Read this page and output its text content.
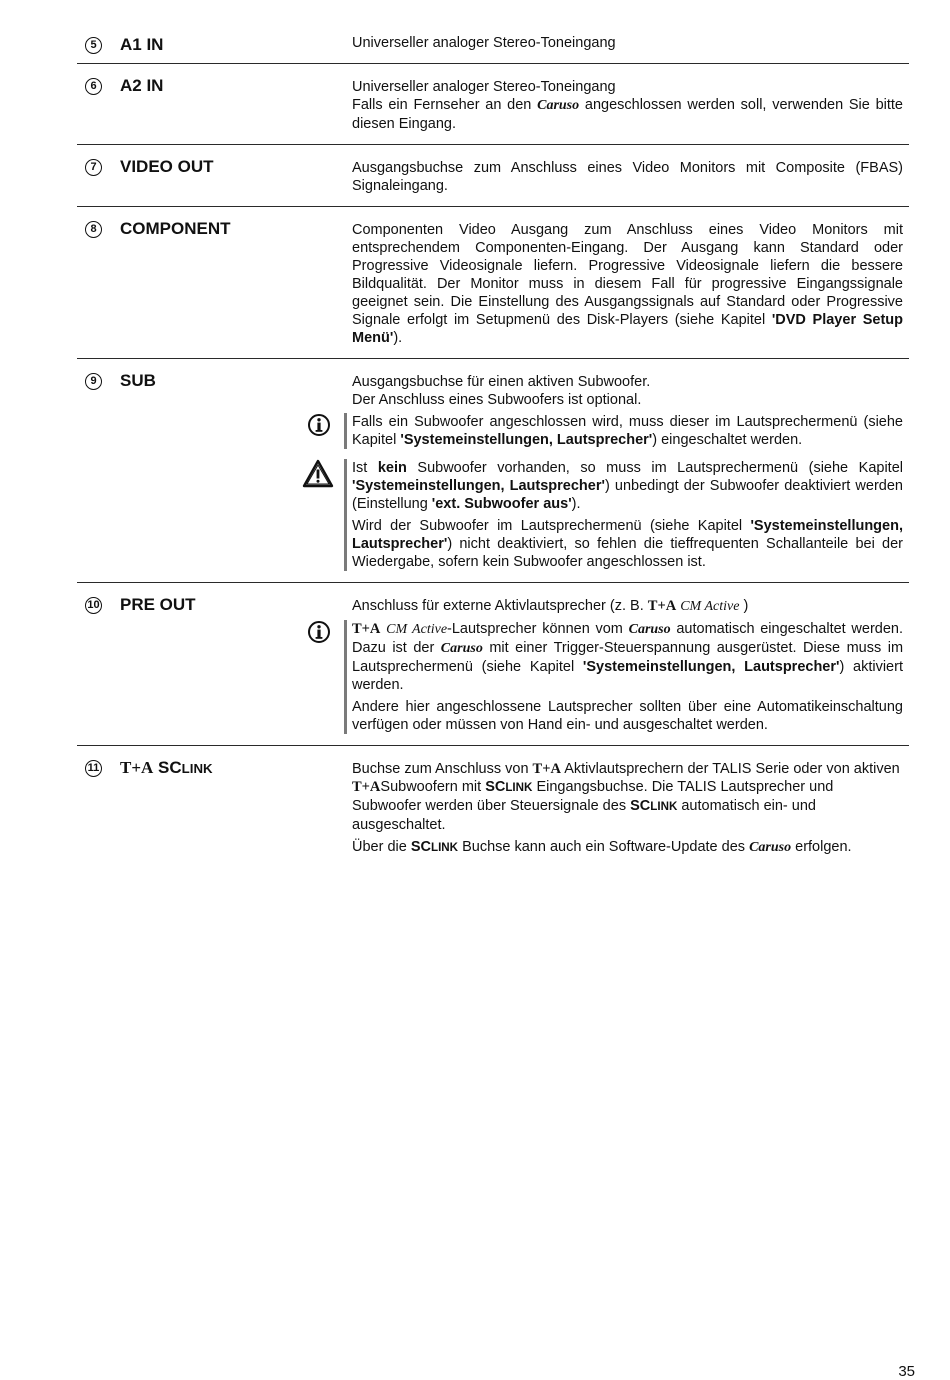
5	A1 IN	Universeller analoger Stereo-Toneingang

6	A2 IN	Universeller analoger Stereo-Toneingang

Falls ein Fernseher an den Caruso angeschlossen werden soll, verwenden Sie bitte diesen Eingang.

7	VIDEO OUT	Ausgangsbuchse zum Anschluss eines Video Monitors mit Composite (FBAS) Signaleingang.

8	COMPONENT	Componenten Video Ausgang zum Anschluss eines Video Monitors mit entsprechendem Componenten-Eingang. Der Ausgang kann Standard oder Progressive Videosignale liefern. Progressive Videosignale liefern die bessere Bildqualität. Der Monitor muss in diesem Fall für progressive Eingangssignale geeignet sein. Die Einstellung des Ausgangssignals auf Standard oder Progressive Signale erfolgt im Setupmenü des Disk-Players (siehe Kapitel 'DVD Player Setup Menü').

9	SUB	Ausgangsbuchse für einen aktiven Subwoofer.

Der Anschluss eines Subwoofers ist optional.

Falls ein Subwoofer angeschlossen wird, muss dieser im Lautsprechermenü (siehe Kapitel 'Systemeinstellungen, Lautsprecher') eingeschaltet werden.

Ist kein Subwoofer vorhanden, so muss im Lautsprechermenü (siehe Kapitel 'Systemeinstellungen, Lautsprecher') unbedingt der Subwoofer deaktiviert werden (Einstellung 'ext. Subwoofer aus').

Wird der Subwoofer im Lautsprechermenü (siehe Kapitel 'Systemeinstellungen, Lautsprecher') nicht deaktiviert, so fehlen die tieffrequenten Schallanteile bei der Wiedergabe, sofern kein Subwoofer angeschlossen ist.

10 PRE OUT	Anschluss für externe Aktivlautsprecher (z. B. T+A CM Active )

T+A CM Active-Lautsprecher können vom Caruso automatisch eingeschaltet werden. Dazu ist der Caruso mit einer Trigger-Steuerspannung ausgerüstet. Diese muss im Lautsprechermenü (siehe Kapitel 'Systemeinstellungen, Lautsprecher') aktiviert werden.

Andere hier angeschlossene Lautsprecher sollten über eine Automatikeinschaltung verfügen oder müssen von Hand ein- und ausgeschaltet werden.

11 T+A SCLINK	Buchse zum Anschluss von T+A Aktivlautsprechern der TALIS Serie oder von aktiven T+ASubwoofern mit SCLINK Eingangsbuchse. Die TALIS Lautsprecher und Subwoofer werden über Steuersignale des SCLINK automatisch ein- und ausgeschaltet.

Über die SCLINK Buchse kann auch ein Software-Update des Caruso erfolgen.

35
